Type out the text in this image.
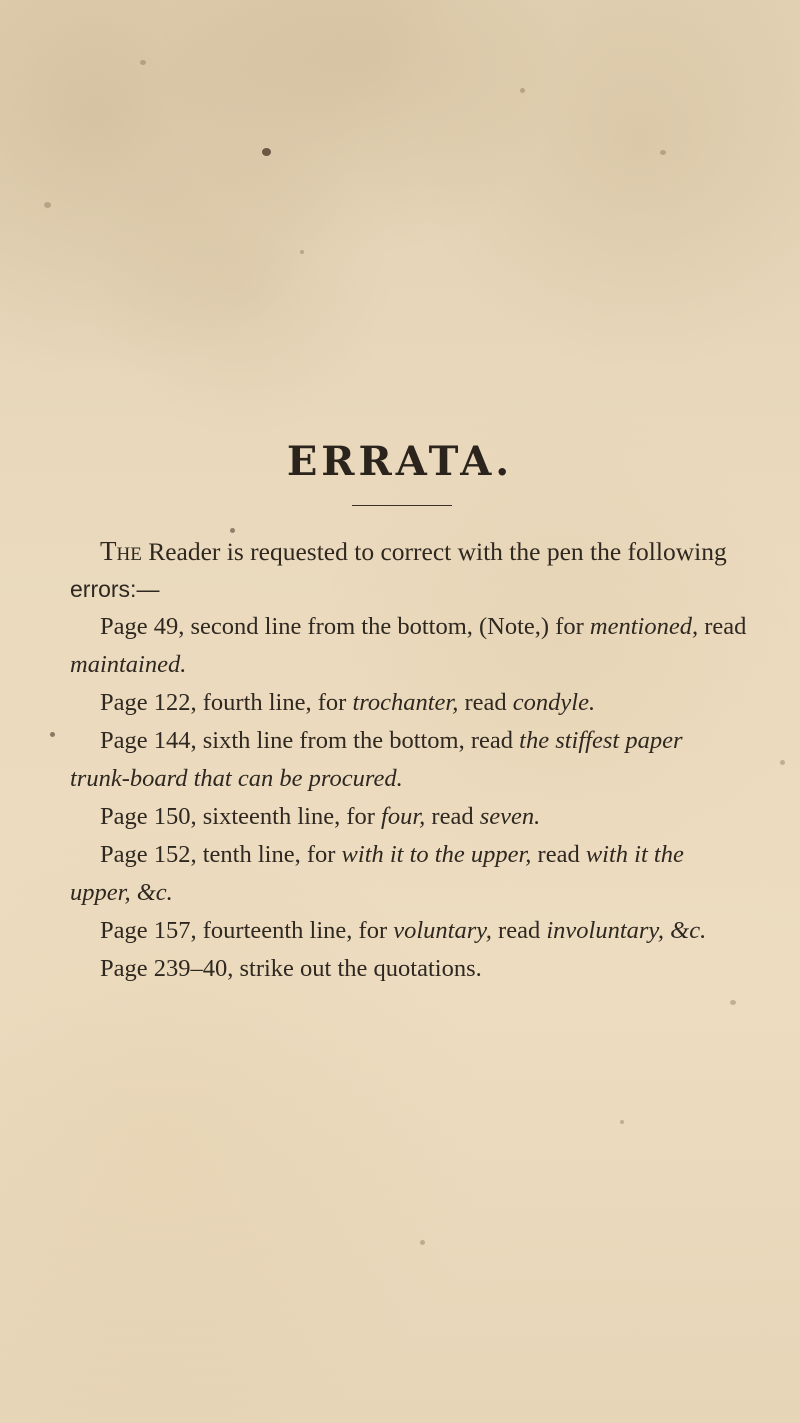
ERRATA.
The Reader is requested to correct with the pen the following
errors:—
Page 49, second line from the bottom, (Note,) for mentioned, read
maintained.
Page 122, fourth line, for trochanter, read condyle.
Page 144, sixth line from the bottom, read the stiffest paper
trunk-board that can be procured.
Page 150, sixteenth line, for four, read seven.
Page 152, tenth line, for with it to the upper, read with it the
upper, &c.
Page 157, fourteenth line, for voluntary, read involuntary, &c.
Page 239–40, strike out the quotations.
